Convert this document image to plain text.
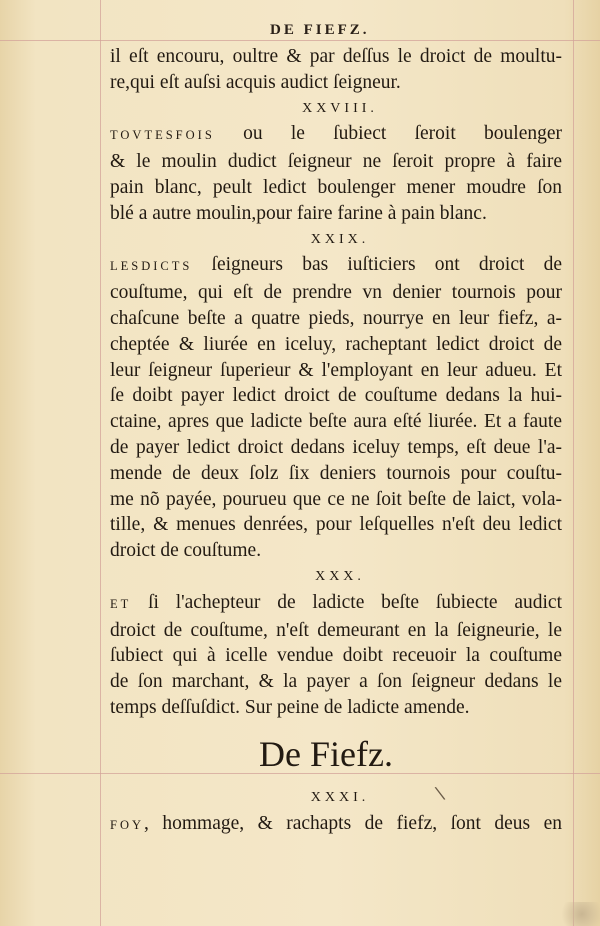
DE FIEFZ.
il eſt encouru, oultre & par deſſus le droict de moultu-
re,qui eſt auſsi acquis audict ſeigneur.
XXVIII.
TOVTESFOIS ou le ſubiect ſeroit boulenger
& le moulin dudict ſeigneur ne ſeroit propre à faire
pain blanc, peult ledict boulenger mener moudre ſon
blé a autre moulin,pour faire farine à pain blanc.
XXIX.
LESDICTS ſeigneurs bas iuſticiers ont droict de
couſtume, qui eſt de prendre vn denier tournois pour
chaſcune beſte a quatre pieds, nourrye en leur fiefz, a-
cheptée & liurée en iceluy, racheptant ledict droict de
leur ſeigneur ſuperieur & l'employant en leur adueu. Et
ſe doibt payer ledict droict de couſtume dedans la hui-
ctaine, apres que ladicte beſte aura eſté liurée. Et a faute
de payer ledict droict dedans iceluy temps, eſt deue l'a-
mende de deux ſolz ſix deniers tournois pour couſtu-
me nõ payée, pourueu que ce ne ſoit beſte de laict, vola-
tille, & menues denrées, pour leſquelles n'eſt deu ledict
droict de couſtume.
XXX.
ET ſi l'achepteur de ladicte beſte ſubiecte audict
droict de couſtume, n'eſt demeurant en la ſeigneurie, le
ſubiect qui à icelle vendue doibt receuoir la couſtume
de ſon marchant, & la payer a ſon ſeigneur dedans le
temps deſſuſdict. Sur peine de ladicte amende.
De Fiefz.
XXXI.
FOY, hommage, & rachapts de fiefz, ſont deus en
\
